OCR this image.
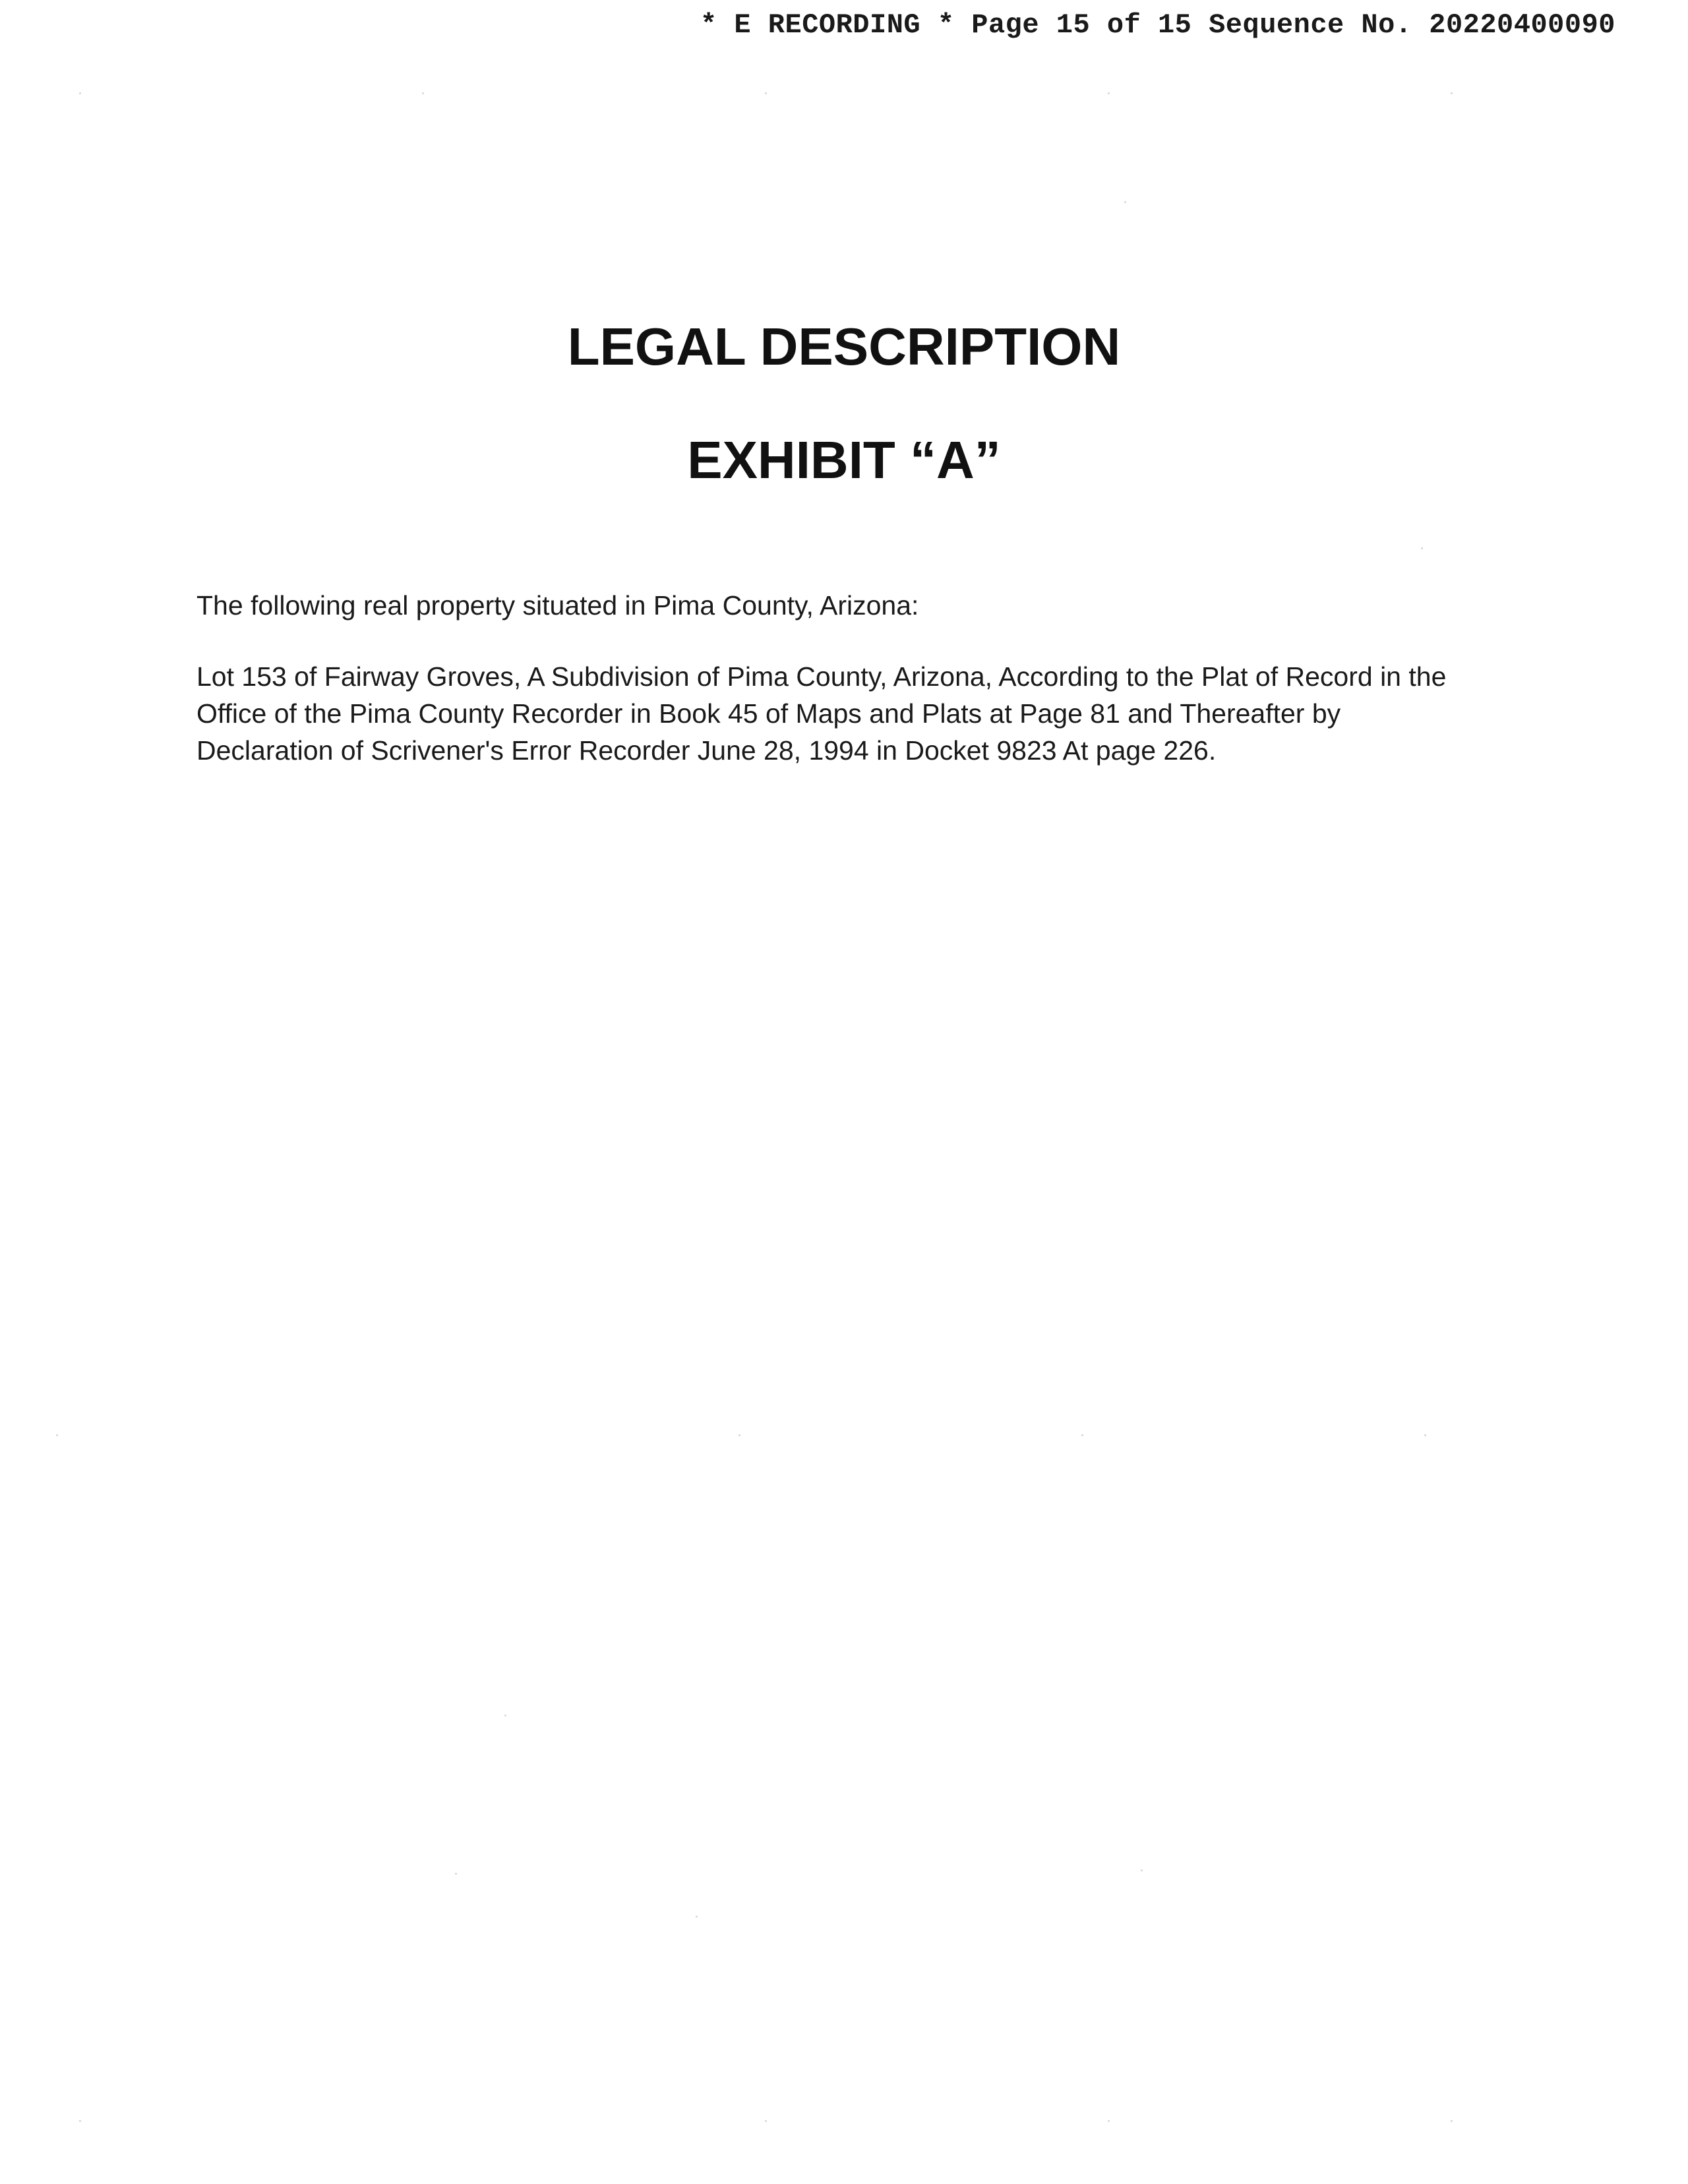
* E RECORDING * Page 15 of 15 Sequence No. 20220400090
LEGAL DESCRIPTION
EXHIBIT “A”

The following real property situated in Pima County, Arizona:

Lot 153 of Fairway Groves, A Subdivision of Pima County, Arizona, According to the Plat of Record in the
Office of the Pima County Recorder in Book 45 of Maps and Plats at Page 81 and Thereafter by
Declaration of Scrivener's Error Recorder June 28, 1994 in Docket 9823 At page 226.
